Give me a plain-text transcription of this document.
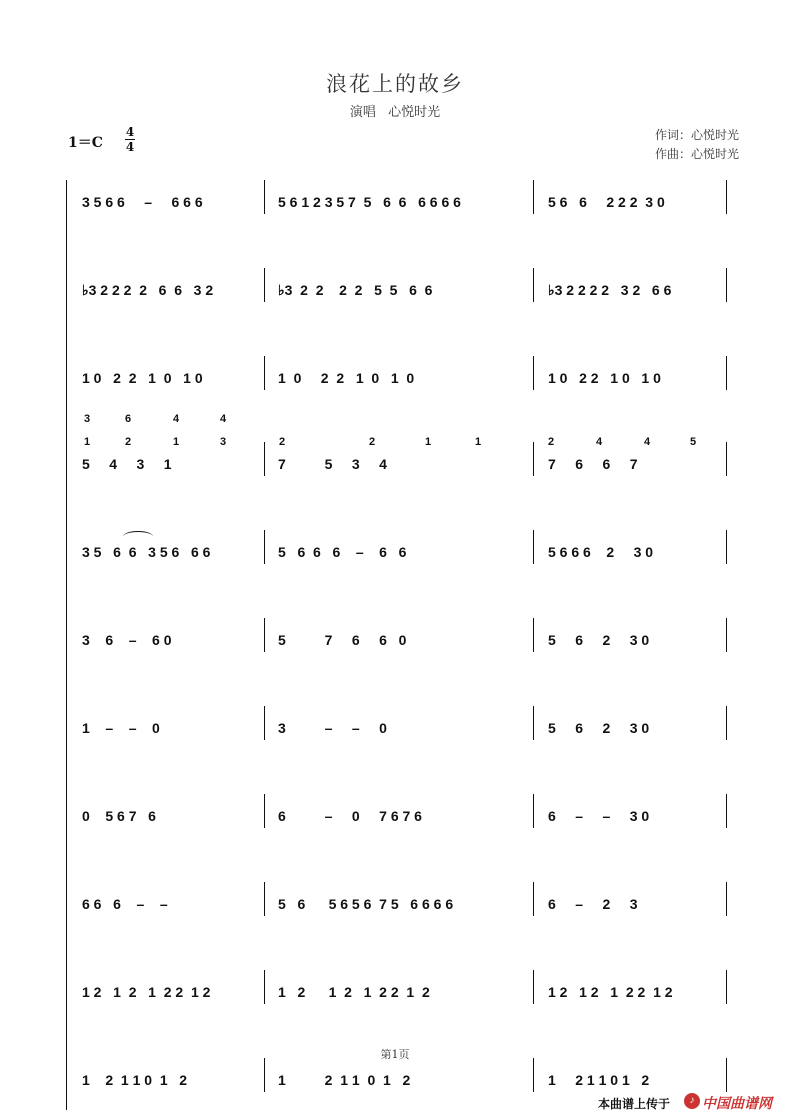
浪花上的故乡
演唱 心悦时光
1＝C
4
4
作词：心悦时光
作曲：心悦时光
3	6	4	4
1	2	1	3	2	2	1	1	2	4	4	5
3 5 6 6     –     6 6 6	5 6 1 2 3 5 7  5   6  6   6 6 6 6	5 6   6     2 2 2  3 0
♭3 2 2 2  2   6  6   3 2	♭3  2  2    2  2   5  5   6  6	♭3 2 2 2 2   3 2   6 6
1 0   2  2   1  0   1 0	1  0     2  2   1  0   1  0	1 0   2 2   1 0   1 0
5     4     3     1	7          5     3     4	7     6     6     7
3 5   6  6   3 5 6   6 6	5   6  6   6    –    6   6	5 6 6 6    2     3 0
3    6    –    6 0	5          7     6     6   0	5     6     2     3 0
1    –    –    0	3          –     –     0	5     6     2     3 0
0    5 6 7   6	6          –     0     7 6 7 6	6     –     –     3 0
6 6   6    –    –	5   6      5 6 5 6  7 5   6 6 6 6	6     –     2     3
1 2   1  2   1  2 2  1 2	1   2      1  2   1  2 2  1  2	1 2   1 2   1  2 2  1 2
1    2  1 1 0  1   2	1          2  1 1  0  1   2	1     2 1 1 0 1   2
第1页
本曲谱上传于	♪ 中国曲谱网
